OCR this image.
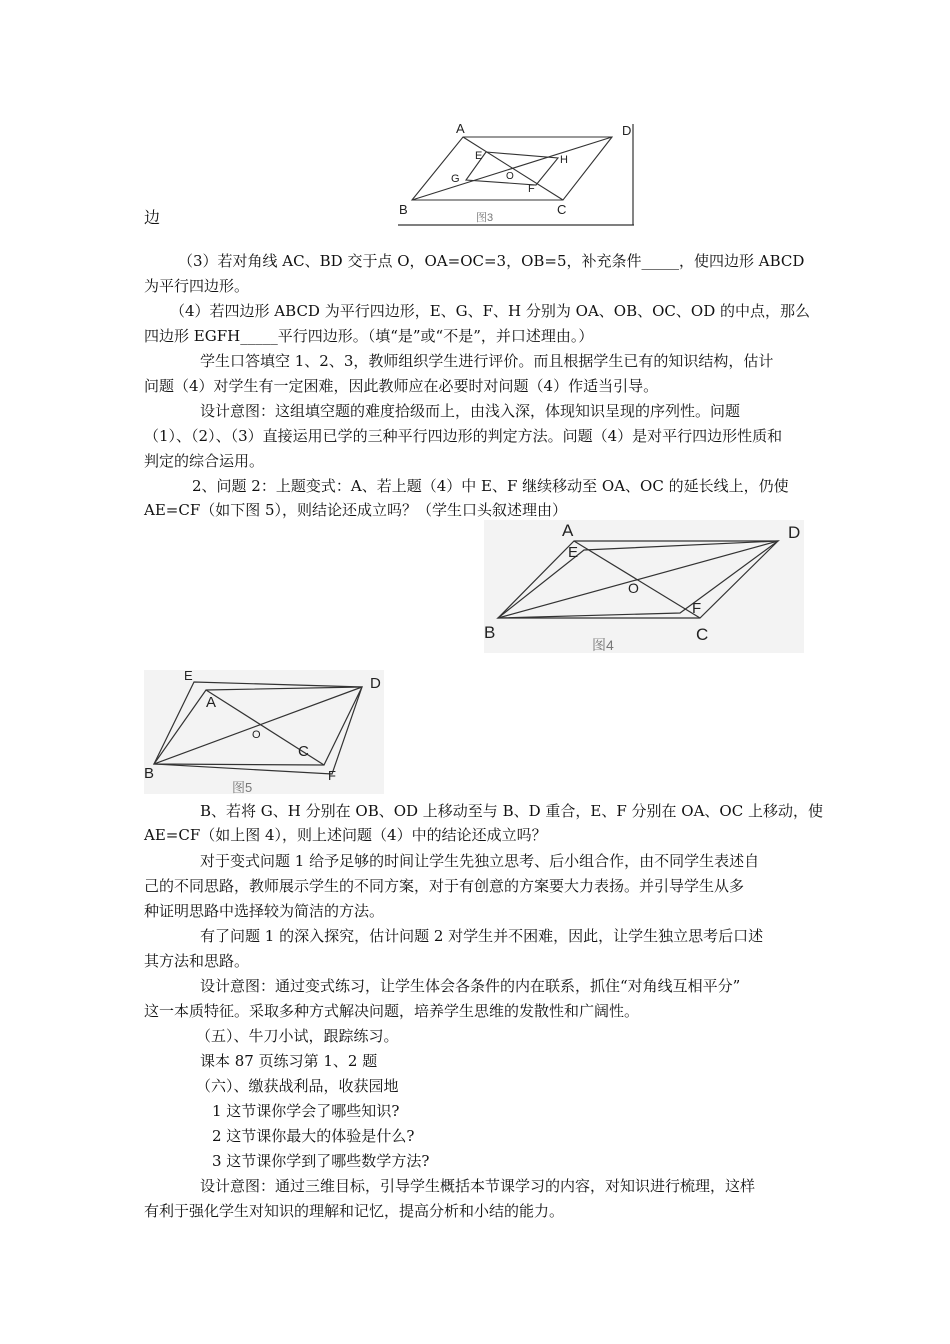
边
A	D
B	C
E	H
G	O
F
图3
A	D
E
O
F
B	C
图4
E	D
A
O
C
B	F
图5
（3）若对角线 AC、BD 交于点 O，OA=OC=3，OB=5，补充条件_____，使四边形 ABCD
为平行四边形。
（4）若四边形 ABCD 为平行四边形，E、G、F、H 分别为 OA、OB、OC、OD 的中点，那么
四边形 EGFH_____平行四边形。（填“是”或“不是”，并口述理由。）
学生口答填空 1、2、3，教师组织学生进行评价。而且根据学生已有的知识结构，估计
问题（4）对学生有一定困难，因此教师应在必要时对问题（4）作适当引导。
设计意图：这组填空题的难度拾级而上，由浅入深，体现知识呈现的序列性。问题
（1）、（2）、（3）直接运用已学的三种平行四边形的判定方法。问题（4）是对平行四边形性质和
判定的综合运用。
2、问题 2：上题变式：A、若上题（4）中 E、F 继续移动至 OA、OC 的延长线上，仍使
AE=CF（如下图 5），则结论还成立吗？（学生口头叙述理由）
B、若将 G、H 分别在 OB、OD 上移动至与 B、D 重合，E、F 分别在 OA、OC 上移动，使
AE=CF（如上图 4），则上述问题（4）中的结论还成立吗？
对于变式问题 1 给予足够的时间让学生先独立思考、后小组合作，由不同学生表述自
己的不同思路，教师展示学生的不同方案，对于有创意的方案要大力表扬。并引导学生从多
种证明思路中选择较为简洁的方法。
有了问题 1 的深入探究，估计问题 2 对学生并不困难，因此，让学生独立思考后口述
其方法和思路。
设计意图：通过变式练习，让学生体会各条件的内在联系，抓住“对角线互相平分”
这一本质特征。采取多种方式解决问题，培养学生思维的发散性和广阔性。
（五）、牛刀小试，跟踪练习。
课本 87 页练习第 1、2 题
（六）、缴获战利品，收获园地
1 这节课你学会了哪些知识?
2 这节课你最大的体验是什么?
3 这节课你学到了哪些数学方法?
设计意图：通过三维目标，引导学生概括本节课学习的内容，对知识进行梳理，这样
有利于强化学生对知识的理解和记忆，提高分析和小结的能力。
